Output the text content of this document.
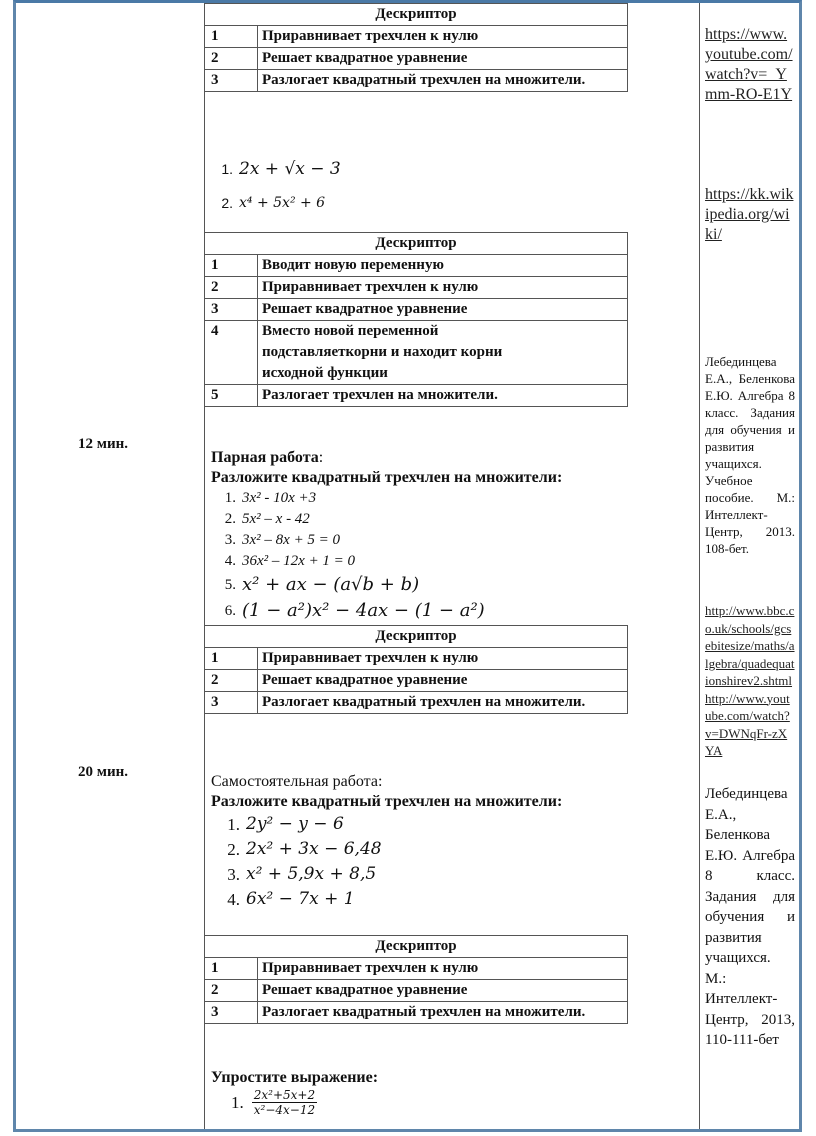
12 мин.
20 мин.
Дескриптор	
1	Приравнивает трехчлен к нулю
2	Решает квадратное уравнение
3	Разлогает квадратный трехчлен на множители.
1. 2x + √x − 3
2. x⁴ + 5x² + 6
Дескриптор	
1	Вводит новую переменную
2	Приравнивает трехчлен к нулю
3	Решает квадратное уравнение
4	Вместо новой переменной подставляеткорни и находит корни исходной функции
5	Разлогает трехчлен на множители.
Парная работа:
Разложите квадратный трехчлен на множители:
1. 3x² - 10x +3
2. 5x² – x - 42
3. 3x² – 8x + 5 = 0
4. 36x² – 12x + 1 = 0
5. x² + ax − (a√b + b)
6. (1 − a²)x² − 4ax − (1 − a²)
Дескриптор	
1	Приравнивает трехчлен к нулю
2	Решает квадратное уравнение
3	Разлогает квадратный трехчлен на множители.
Самостоятельная работа:
Разложите квадратный трехчлен на множители:
1. 2y² − y − 6
2. 2x² + 3x − 6,48
3. x² + 5,9x + 8,5
4. 6x² − 7x + 1
Дескриптор	
1	Приравнивает трехчлен к нулю
2	Решает квадратное уравнение
3	Разлогает квадратный трехчлен на множители.
Упростите выражение:
1. $\frac{\text{2x²+5x+2}}{\text{x²−4x−12}}$
https://www.youtube.com/watch?v=_Ymm-RO-E1Y
https://kk.wikipedia.org/wiki/
Лебединцева Е.А., Беленкова Е.Ю. Алгебра 8 класс. Задания для обучения и развития учащихся. Учебное пособие. М.: Интеллект-Центр, 2013. 108-бет.
http://www.bbc.co.uk/schools/gcsebitesize/maths/algebra/quadequationshirev2.shtmlhttp://www.youtube.com/watch?v=DWNqFr-zXYA
Лебединцева Е.А., Беленкова Е.Ю. Алгебра 8 класс. Задания для обучения и развития учащихся. М.: Интеллект-Центр, 2013, 110-111-бет
